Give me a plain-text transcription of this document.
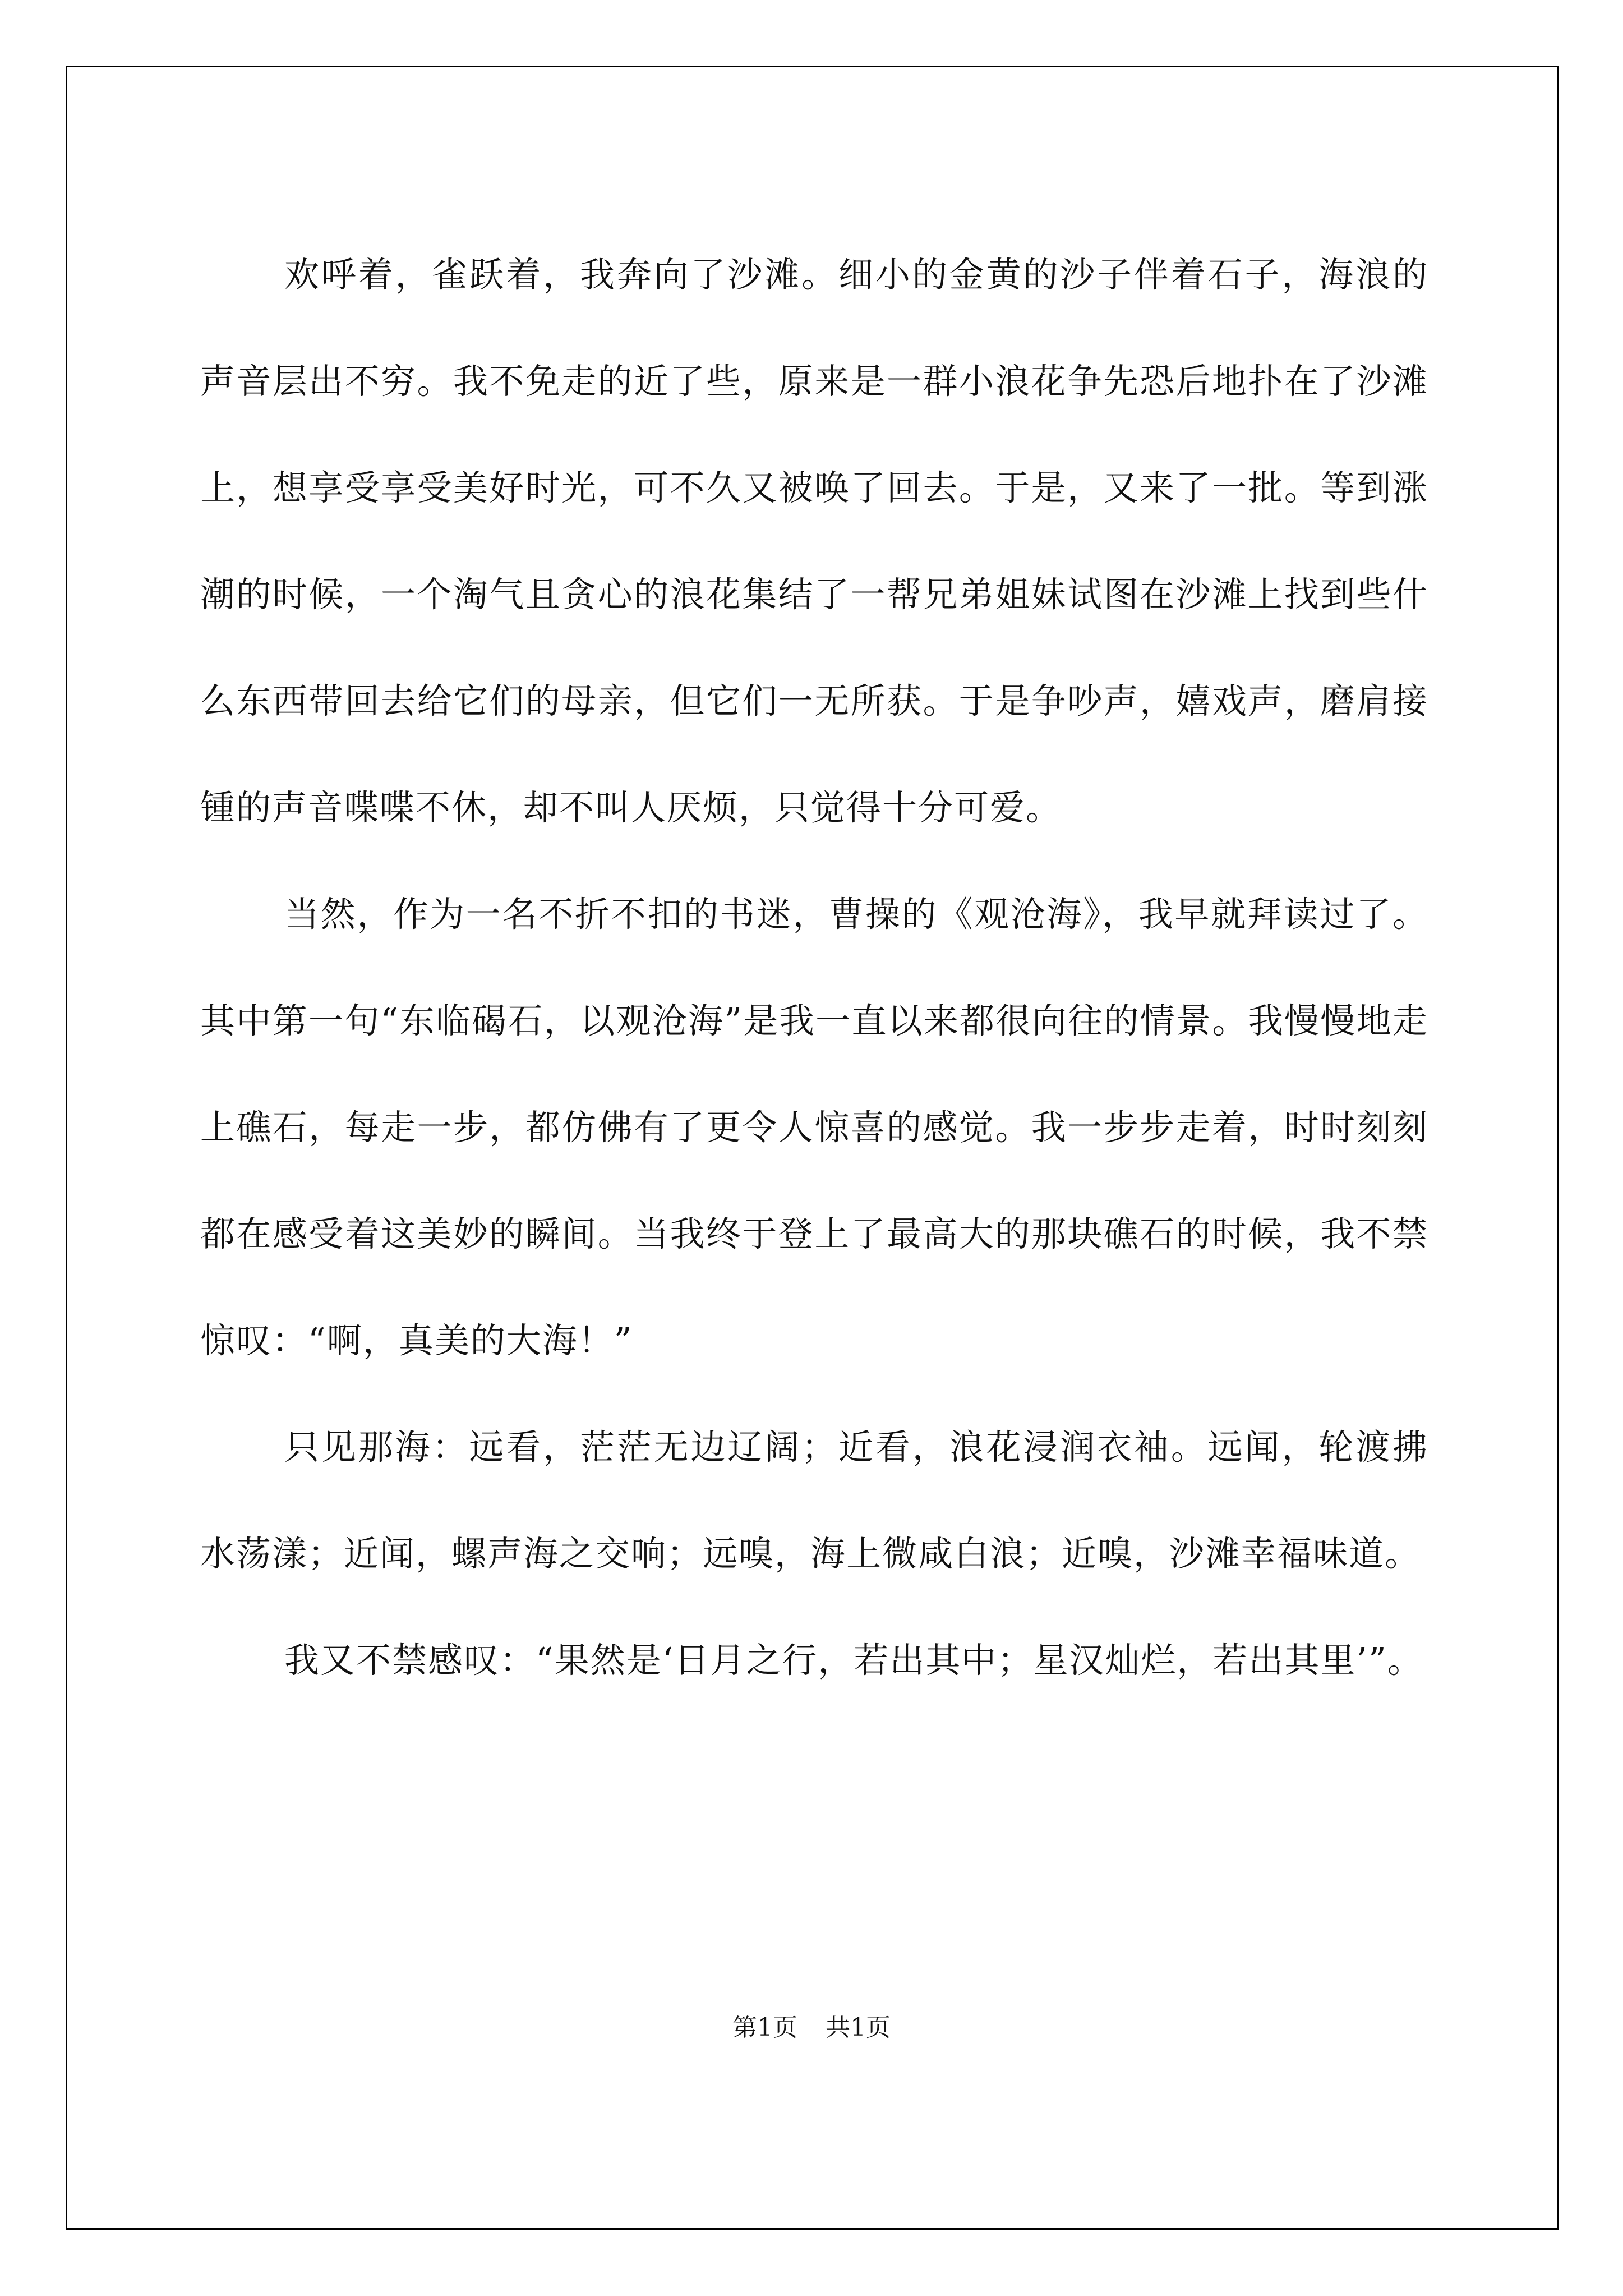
欢呼着，雀跃着，我奔向了沙滩。细小的金黄的沙子伴着石子，海浪的声音层出不穷。我不免走的近了些，原来是一群小浪花争先恐后地扑在了沙滩上，想享受享受美好时光，可不久又被唤了回去。于是，又来了一批。等到涨潮的时候，一个淘气且贪心的浪花集结了一帮兄弟姐妹试图在沙滩上找到些什么东西带回去给它们的母亲，但它们一无所获。于是争吵声，嬉戏声，磨肩接锺的声音喋喋不休，却不叫人厌烦，只觉得十分可爱。

当然，作为一名不折不扣的书迷，曹操的《观沧海》，我早就拜读过了。其中第一句“东临碣石，以观沧海”是我一直以来都很向往的情景。我慢慢地走上礁石，每走一步，都仿佛有了更令人惊喜的感觉。我一步步走着，时时刻刻都在感受着这美妙的瞬间。当我终于登上了最高大的那块礁石的时候，我不禁惊叹：“啊，真美的大海！”

只见那海：远看，茫茫无边辽阔；近看，浪花浸润衣袖。远闻，轮渡拂水荡漾；近闻，螺声海之交响；远嗅，海上微咸白浪；近嗅，沙滩幸福味道。

我又不禁感叹：“果然是‘日月之行，若出其中；星汉灿烂，若出其里’”。

第1页 共1页
